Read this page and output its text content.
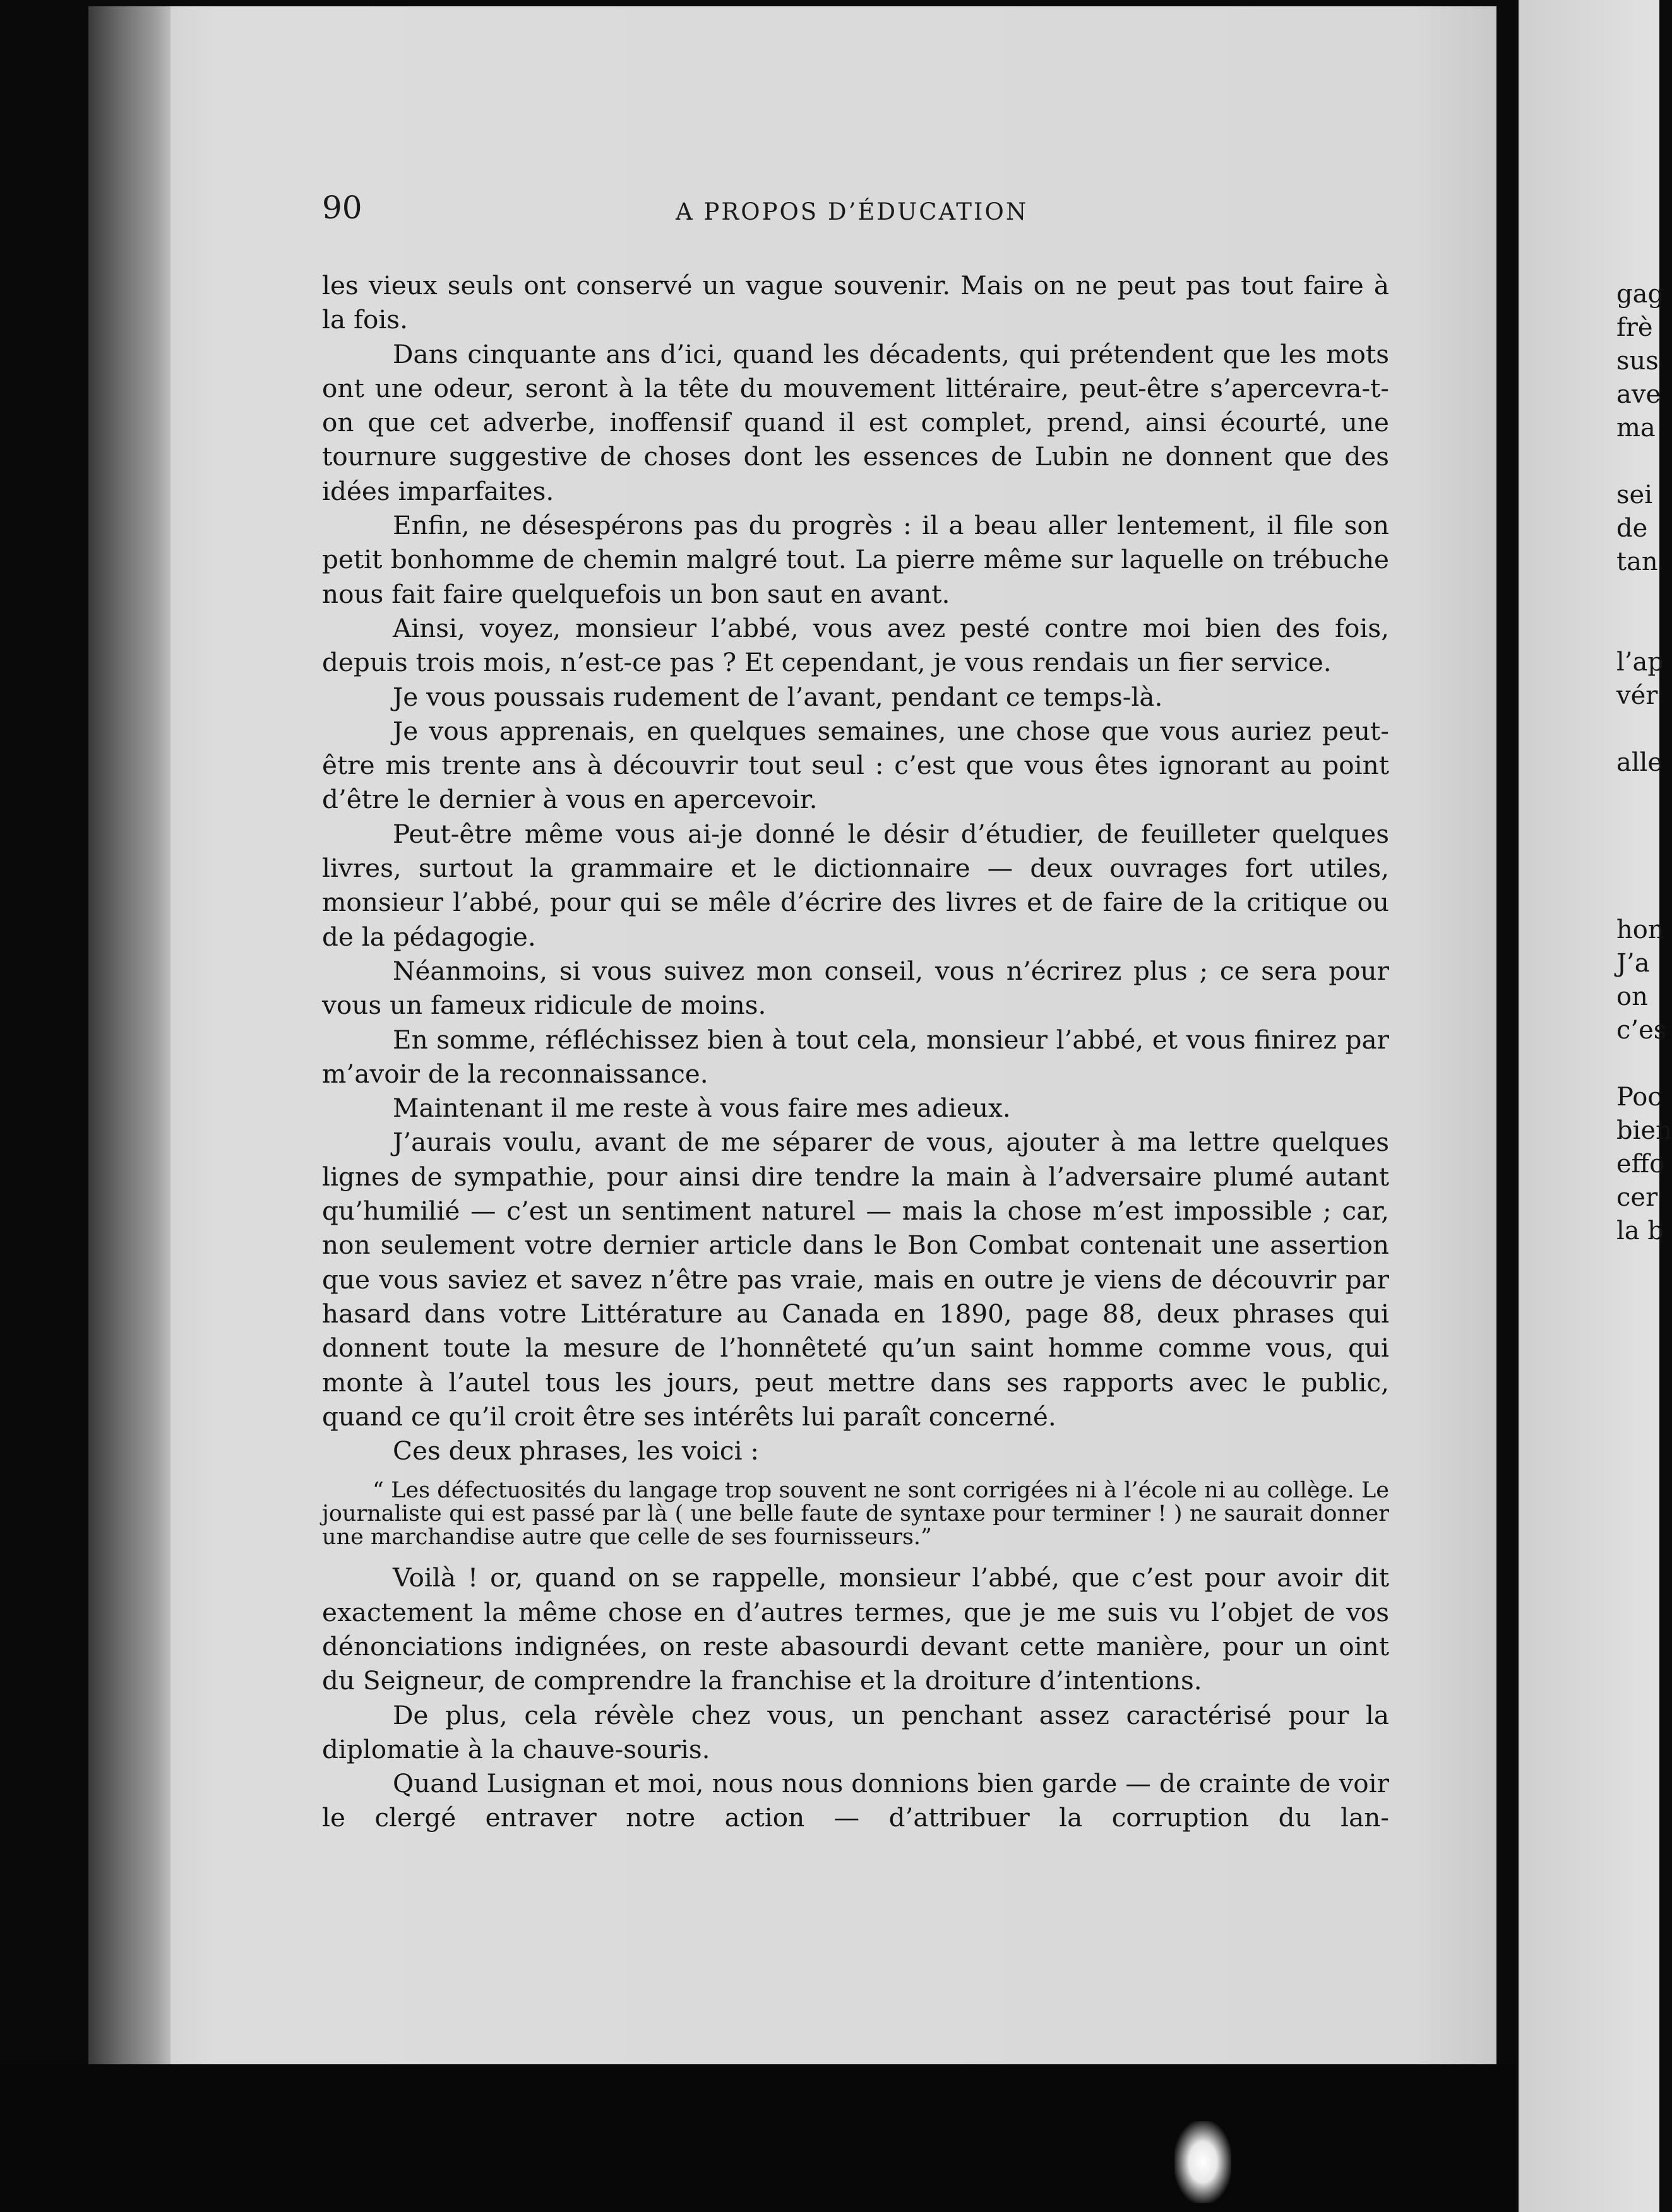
90	A PROPOS D’ÉDUCATION

les vieux seuls ont conservé un vague souvenir. Mais on ne peut pas tout faire à la fois.

Dans cinquante ans d’ici, quand les décadents, qui prétendent que les mots ont une odeur, seront à la tête du mouvement littéraire, peut-être s’apercevra-t-on que cet adverbe, inoffensif quand il est complet, prend, ainsi écourté, une tournure suggestive de choses dont les essences de Lubin ne donnent que des idées imparfaites.

Enfin, ne désespérons pas du progrès : il a beau aller lentement, il file son petit bonhomme de chemin malgré tout. La pierre même sur laquelle on trébuche nous fait faire quelquefois un bon saut en avant.

Ainsi, voyez, monsieur l’abbé, vous avez pesté contre moi bien des fois, depuis trois mois, n’est-ce pas ? Et cependant, je vous rendais un fier service.

Je vous poussais rudement de l’avant, pendant ce temps-là.

Je vous apprenais, en quelques semaines, une chose que vous auriez peut-être mis trente ans à découvrir tout seul : c’est que vous êtes ignorant au point d’être le dernier à vous en apercevoir.

Peut-être même vous ai-je donné le désir d’étudier, de feuilleter quelques livres, surtout la grammaire et le dictionnaire — deux ouvrages fort utiles, monsieur l’abbé, pour qui se mêle d’écrire des livres et de faire de la critique ou de la pédagogie.

Néanmoins, si vous suivez mon conseil, vous n’écrirez plus ; ce sera pour vous un fameux ridicule de moins.

En somme, réfléchissez bien à tout cela, monsieur l’abbé, et vous finirez par m’avoir de la reconnaissance.

Maintenant il me reste à vous faire mes adieux.

J’aurais voulu, avant de me séparer de vous, ajouter à ma lettre quelques lignes de sympathie, pour ainsi dire tendre la main à l’adversaire plumé autant qu’humilié — c’est un sentiment naturel — mais la chose m’est impossible ; car, non seulement votre dernier article dans le Bon Combat contenait une assertion que vous saviez et savez n’être pas vraie, mais en outre je viens de découvrir par hasard dans votre Littérature au Canada en 1890, page 88, deux phrases qui donnent toute la mesure de l’honnêteté qu’un saint homme comme vous, qui monte à l’autel tous les jours, peut mettre dans ses rapports avec le public, quand ce qu’il croit être ses intérêts lui paraît concerné.

Ces deux phrases, les voici :

“ Les défectuosités du langage trop souvent ne sont corrigées ni à l’école ni au collège. Le journaliste qui est passé par là ( une belle faute de syntaxe pour terminer ! ) ne saurait donner une marchandise autre que celle de ses fournisseurs.”

Voilà ! or, quand on se rappelle, monsieur l’abbé, que c’est pour avoir dit exactement la même chose en d’autres termes, que je me suis vu l’objet de vos dénonciations indignées, on reste abasourdi devant cette manière, pour un oint du Seigneur, de comprendre la franchise et la droiture d’intentions.

De plus, cela révèle chez vous, un penchant assez caractérisé pour la diplomatie à la chauve-souris.

Quand Lusignan et moi, nous nous donnions bien garde — de crainte de voir le clergé entraver notre action — d’attribuer la corruption du lan-

gag
frè
sus
ave
ma
sei
de
tan
l’ap
vér
alle
hon
J’a
on
c’es
Poc
bien
effo
cer
la b
